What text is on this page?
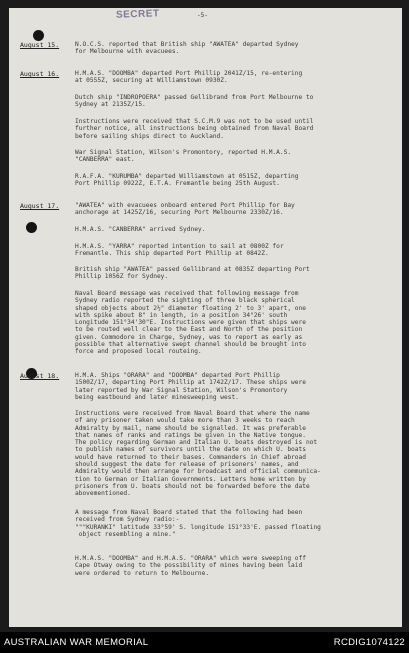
SECRET	-5-
August 15.	N.O.C.S. reported that British ship "AWATEA" departed Sydney
for Melbourne with evacuees.
August 16.	H.M.A.S. "DOOMBA" departed Port Phillip 2041Z/15, re-entering
at 0555Z, securing at Williamstown 0930Z.
Dutch ship "INDROPOERA" passed Gellibrand from Port Melbourne to
Sydney at 2135Z/15.
Instructions were received that S.C.M.9 was not to be used until
further notice, all instructions being obtained from Naval Board
before sailing ships direct to Auckland.
War Signal Station, Wilson's Promontory, reported H.M.A.S.
"CANBERRA" east.
R.A.F.A. "KURUMBA" departed Williamstown at 0515Z, departing
Port Phillip 0922Z, E.T.A. Fremantle being 25th August.
August 17.	"AWATEA" with evacuees onboard entered Port Phillip for Bay
anchorage at 1425Z/16, securing Port Melbourne 2330Z/16.
H.M.A.S. "CANBERRA" arrived Sydney.
H.M.A.S. "YARRA" reported intention to sail at 0800Z for
Fremantle. This ship departed Port Phillip at 0842Z.
British ship "AWATEA" passed Gellibrand at 0835Z departing Port
Phillip 1056Z for Sydney.
Naval Board message was received that following message from
Sydney radio reported the sighting of three black spherical
shaped objects about 2½" diameter floating 2' to 3' apart, one
with spike about 8" in length, in a position 34°26' south
Longitude 151°34'30"E. Instructions were given that ships were
to be routed well clear to the East and North of the position
given. Commodore in Charge, Sydney, was to report as early as
possible that alternative swept channel should be brought into
force and proposed local routeing.
August 18.	H.M.A. Ships "ORARA" and "DOOMBA" departed Port Phillip
1500Z/17, departing Port Phillip at 1742Z/17. These ships were
later reported by War Signal Station, Wilson's Promontory
being eastbound and later minesweeping west.
Instructions were received from Naval Board that where the name
of any prisoner taken would take more than 3 weeks to reach
Admiralty by mail, name should be signalled. It was preferable
that names of ranks and ratings be given in the Native tongue.
The policy regarding German and Italian U. boats destroyed is not
to publish names of survivors until the date on which U. boats
would have returned to their bases. Commanders in Chief abroad
should suggest the date for release of prisoners' names, and
Admiralty would then arrange for broadcast and official communica-
tion to German or Italian Governments. Letters home written by
prisoners from U. boats should not be forwarded before the date
abovementioned.
A message from Naval Board stated that the following had been
received from Sydney radio:-
"""KURANKI" latitude 33°59' S. longitude 151°33'E. passed floating
object resembling a mine."
H.M.A.S. "DOOMBA" and H.M.A.S. "ORARA" which were sweeping off
Cape Otway owing to the possibility of mines having been laid
were ordered to return to Melbourne.
AUSTRALIAN WAR MEMORIAL	RCDIG1074122
